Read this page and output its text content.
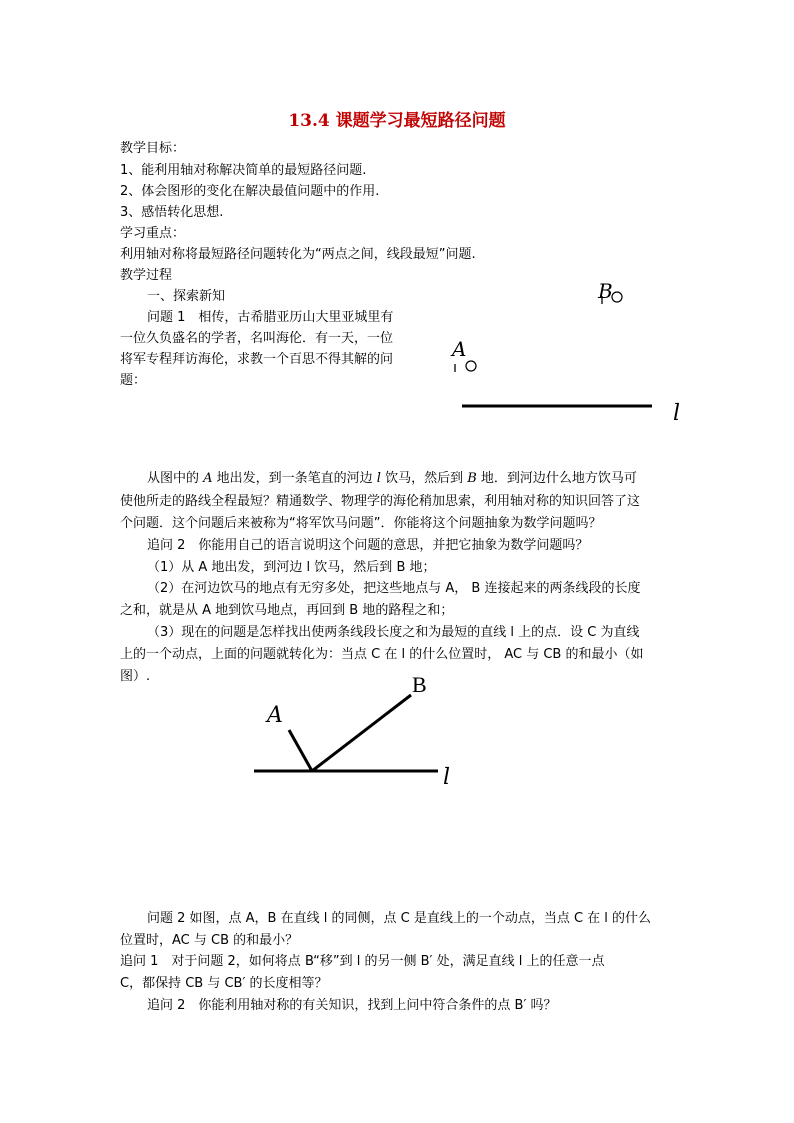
13.4 课题学习最短路径问题
教学目标：
1、能利用轴对称解决简单的最短路径问题.
2、体会图形的变化在解决最值问题中的作用.
3、感悟转化思想.
学习重点：
利用轴对称将最短路径问题转化为“两点之间，线段最短”问题.
教学过程
一、探索新知
问题 1　相传，古希腊亚历山大里亚城里有
一位久负盛名的学者，名叫海伦．有一天，一位
将军专程拜访海伦，求教一个百思不得其解的问
题：
B
A
l
从图中的 A 地出发，到一条笔直的河边 l 饮马，然后到 B 地．到河边什么地方饮马可
使他所走的路线全程最短？精通数学、物理学的海伦稍加思索，利用轴对称的知识回答了这
个问题．这个问题后来被称为“将军饮马问题”．你能将这个问题抽象为数学问题吗？
追问 2　你能用自己的语言说明这个问题的意思，并把它抽象为数学问题吗？
（1）从 A 地出发，到河边 l 饮马，然后到 B 地；
（2）在河边饮马的地点有无穷多处，把这些地点与 A， B 连接起来的两条线段的长度
之和，就是从 A 地到饮马地点，再回到 B 地的路程之和；
（3）现在的问题是怎样找出使两条线段长度之和为最短的直线 l 上的点．设 C 为直线
上的一个动点，上面的问题就转化为：当点 C 在 l 的什么位置时， AC 与 CB 的和最小（如
图）.	B
A
l
问题 2 如图，点 A，B 在直线 l 的同侧，点 C 是直线上的一个动点，当点 C 在 l 的什么
位置时，AC 与 CB 的和最小？
追问 1　对于问题 2，如何将点 B“移”到 l 的另一侧 B′ 处，满足直线 l 上的任意一点
C，都保持 CB 与 CB′ 的长度相等？
追问 2　你能利用轴对称的有关知识，找到上问中符合条件的点 B′ 吗？
